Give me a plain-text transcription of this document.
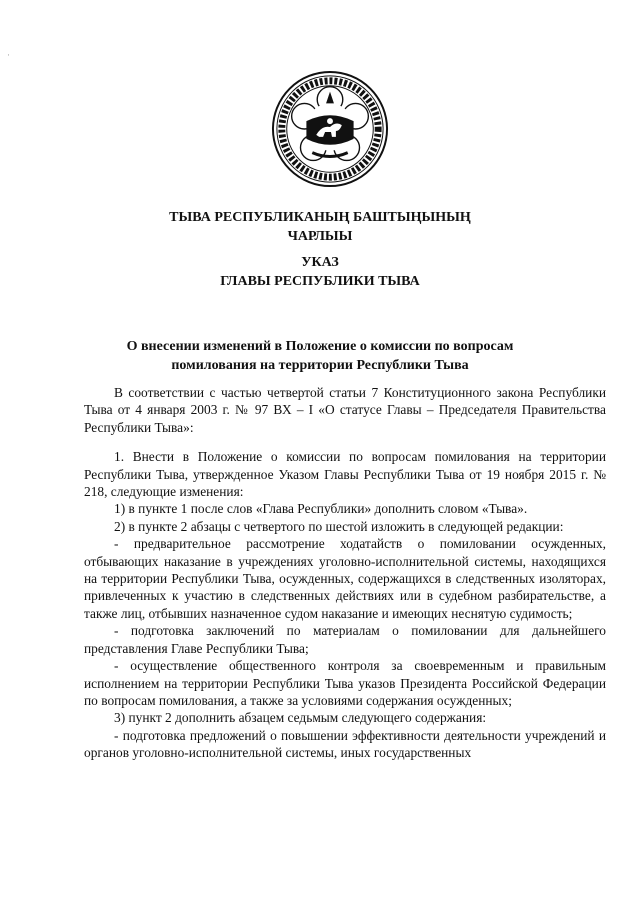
·
ТЫВА РЕСПУБЛИКАНЫҢ БАШТЫҢЫНЫҢ
ЧАРЛЫЫ
УКАЗ
ГЛАВЫ РЕСПУБЛИКИ ТЫВА
О внесении изменений в Положение о комиссии по вопросам
помилования на территории Республики Тыва

В соответствии с частью четвертой статьи 7 Конституционного закона Республики Тыва от 4 января 2003 г. № 97 ВХ – I «О статусе Главы – Председателя Правительства Республики Тыва»:

1. Внести в Положение о комиссии по вопросам помилования на территории Республики Тыва, утвержденное Указом Главы Республики Тыва от 19 ноября 2015 г. № 218, следующие изменения:

1) в пункте 1 после слов «Глава Республики» дополнить словом «Тыва».

2) в пункте 2 абзацы с четвертого по шестой изложить в следующей редакции:

- предварительное рассмотрение ходатайств о помиловании осужденных, отбывающих наказание в учреждениях уголовно-исполнительной системы, находящихся на территории Республики Тыва, осужденных, содержащихся в следственных изоляторах, привлеченных к участию в следственных действиях или в судебном разбирательстве, а также лиц, отбывших назначенное судом наказание и имеющих неснятую судимость;

- подготовка заключений по материалам о помиловании для дальнейшего представления Главе Республики Тыва;

- осуществление общественного контроля за своевременным и правильным исполнением на территории Республики Тыва указов Президента Российской Федерации по вопросам помилования, а также за условиями содержания осужденных;

3) пункт 2 дополнить абзацем седьмым следующего содержания:

- подготовка предложений о повышении эффективности деятельности учреждений и органов уголовно-исполнительной системы, иных государственных
